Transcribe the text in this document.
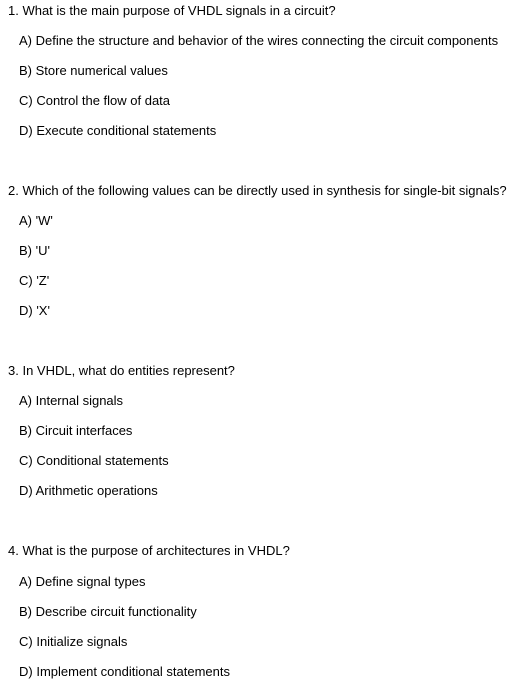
1. What is the main purpose of VHDL signals in a circuit?
A) Define the structure and behavior of the wires connecting the circuit components
B) Store numerical values
C) Control the flow of data
D) Execute conditional statements
2. Which of the following values can be directly used in synthesis for single-bit signals?
A) 'W'
B) 'U'
C) 'Z'
D) 'X'
3. In VHDL, what do entities represent?
A) Internal signals
B) Circuit interfaces
C) Conditional statements
D) Arithmetic operations
4. What is the purpose of architectures in VHDL?
A) Define signal types
B) Describe circuit functionality
C) Initialize signals
D) Implement conditional statements
